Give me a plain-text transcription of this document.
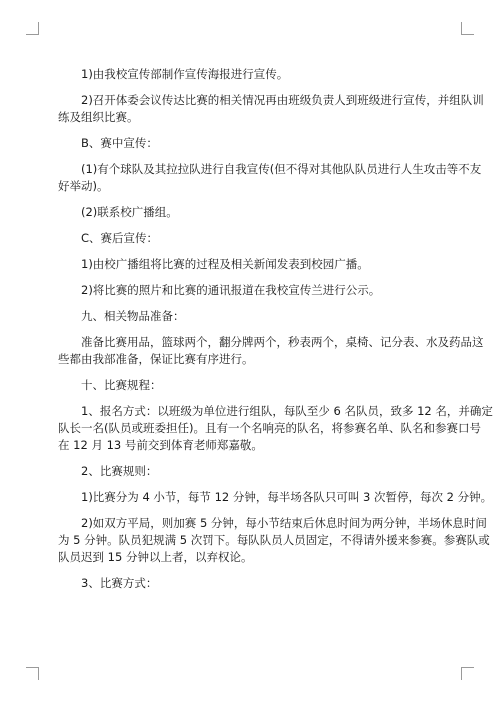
1)由我校宣传部制作宣传海报进行宣传。
2)召开体委会议传达比赛的相关情况再由班级负责人到班级进行宣传，并组队训
练及组织比赛。
B、赛中宣传：
(1)有个球队及其拉拉队进行自我宣传(但不得对其他队队员进行人生攻击等不友
好举动)。
(2)联系校广播组。
C、赛后宣传：
1)由校广播组将比赛的过程及相关新闻发表到校园广播。
2)将比赛的照片和比赛的通讯报道在我校宣传兰进行公示。
九、相关物品准备：
准备比赛用品，篮球两个，翻分牌两个，秒表两个，桌椅、记分表、水及药品这
些都由我部准备，保证比赛有序进行。
十、比赛规程：
1、报名方式：以班级为单位进行组队，每队至少 6 名队员，致多 12 名，并确定
队长一名(队员或班委担任)。且有一个名响亮的队名，将参赛名单、队名和参赛口号
在 12 月 13 号前交到体育老师郑嘉敬。
2、比赛规则：
1)比赛分为 4 小节，每节 12 分钟，每半场各队只可叫 3 次暂停，每次 2 分钟。
2)如双方平局，则加赛 5 分钟，每小节结束后休息时间为两分钟，半场休息时间
为 5 分钟。队员犯规满 5 次罚下。每队队员人员固定，不得请外援来参赛。参赛队或
队员迟到 15 分钟以上者，以弃权论。
3、比赛方式：
